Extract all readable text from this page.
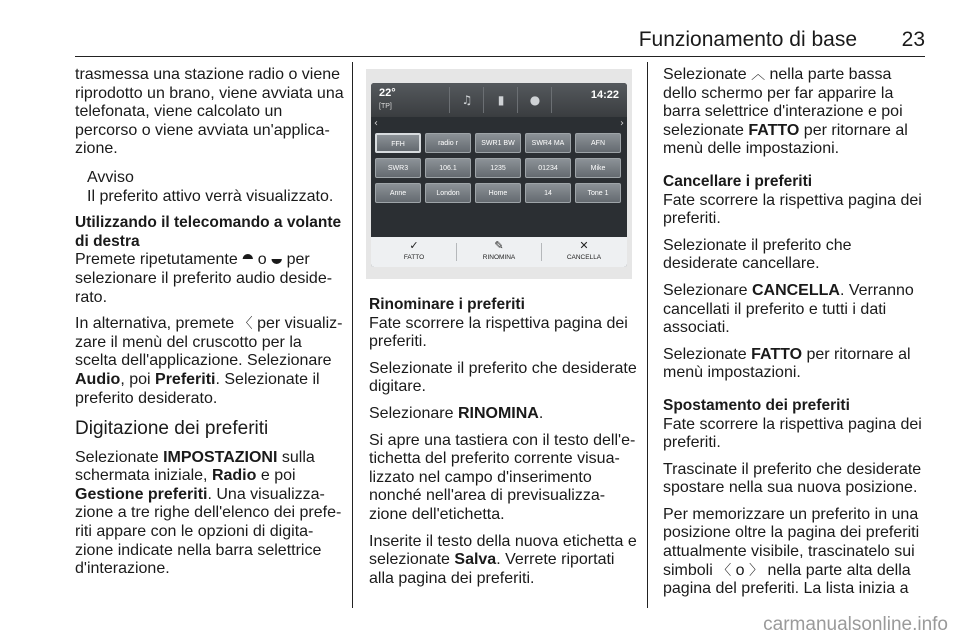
Funzionamento di base 23

trasmessa una stazione radio o viene riprodotto un brano, viene avviata una telefonata, viene calcolato un percorso o viene avviata un'applicazione.

Avviso
Il preferito attivo verrà visualizzato.
Utilizzando il telecomando a volante di destra

Premete ripetutamente ⯊ o ⯋ per selezionare il preferito audio desiderato.

In alternativa, premete 〈 per visualizzare il menù del cruscotto per la scelta dell'applicazione. Selezionare Audio, poi Preferiti. Selezionate il preferito desiderato.

Digitazione dei preferiti

Selezionate IMPOSTAZIONI sulla schermata iniziale, Radio e poi Gestione preferiti. Una visualizzazione a tre righe dell'elenco dei preferiti appare con le opzioni di digitazione indicate nella barra selettrice d'interazione.

22°
[TP]	♫	▮	●	14:22
‹	›
FFH	radio r	SWR1 BW	SWR4 MA	AFN
SWR3	106.1	1235	01234	Mike
Anne	London	Home	14	Tone 1
✓
FATTO
✎
RINOMINA
✕
CANCELLA
Rinominare i preferiti

Fate scorrere la rispettiva pagina dei preferiti.

Selezionate il preferito che desiderate digitare.

Selezionare RINOMINA.

Si apre una tastiera con il testo dell'etichetta del preferito corrente visualizzato nel campo d'inserimento nonché nell'area di previsualizzazione dell'etichetta.

Inserite il testo della nuova etichetta e selezionate Salva. Verrete riportati alla pagina dei preferiti.

Selezionate ︿ nella parte bassa dello schermo per far apparire la barra selettrice d'interazione e poi selezionate FATTO per ritornare al menù delle impostazioni.

Cancellare i preferiti

Fate scorrere la rispettiva pagina dei preferiti.

Selezionate il preferito che desiderate cancellare.

Selezionare CANCELLA. Verranno cancellati il preferito e tutti i dati associati.

Selezionate FATTO per ritornare al menù impostazioni.

Spostamento dei preferiti

Fate scorrere la rispettiva pagina dei preferiti.

Trascinate il preferito che desiderate spostare nella sua nuova posizione.

Per memorizzare un preferito in una posizione oltre la pagina dei preferiti attualmente visibile, trascinatelo sui simboli 〈 o 〉 nella parte alta della pagina del preferiti. La lista inizia a

carmanualsonline.info
